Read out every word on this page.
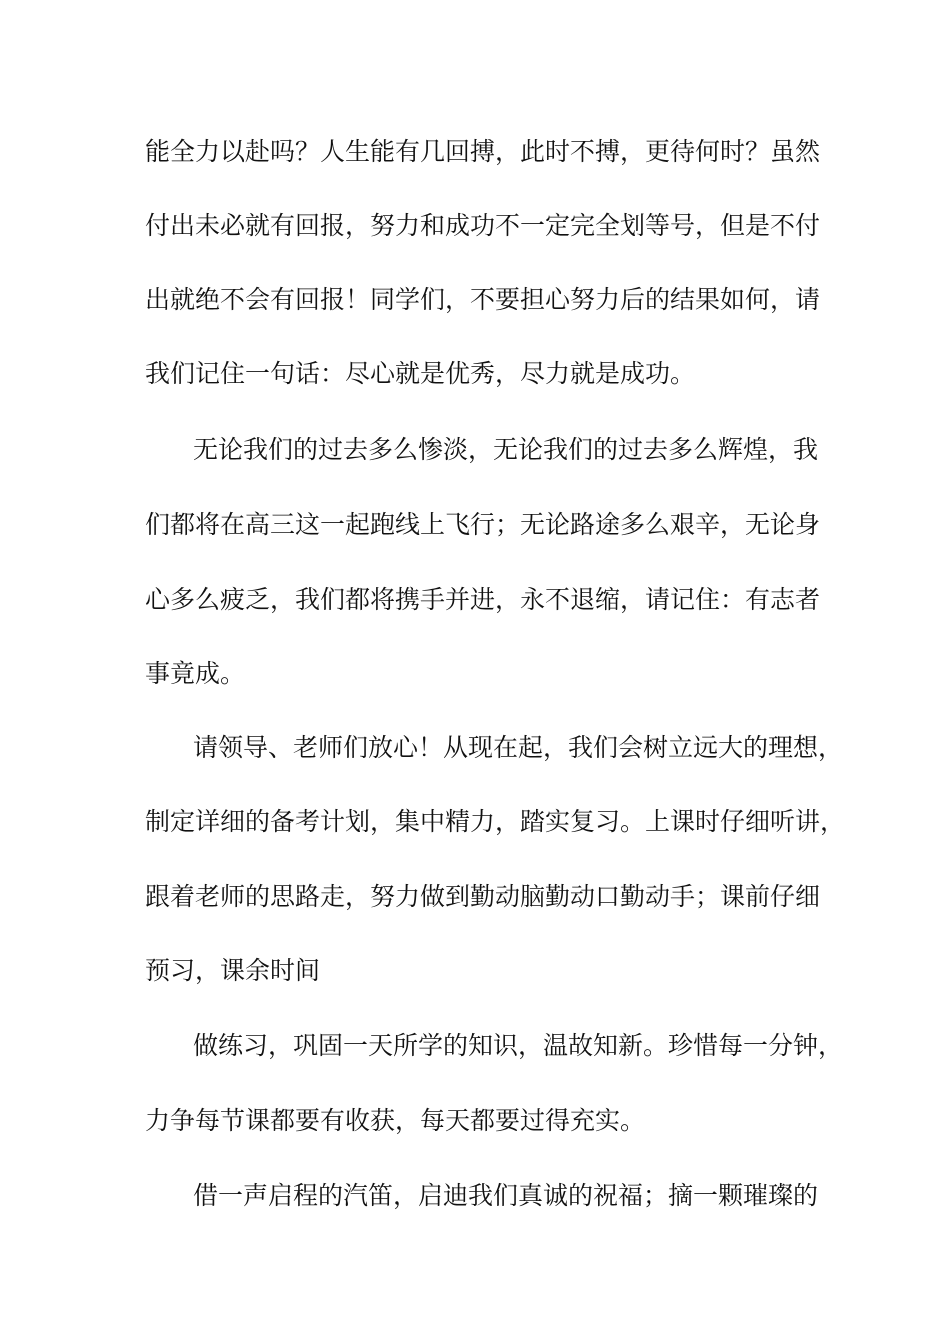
能全力以赴吗？人生能有几回搏，此时不搏，更待何时？虽然
付出未必就有回报，努力和成功不一定完全划等号，但是不付
出就绝不会有回报！同学们，不要担心努力后的结果如何，请
我们记住一句话：尽心就是优秀，尽力就是成功。
无论我们的过去多么惨淡，无论我们的过去多么辉煌，我
们都将在高三这一起跑线上飞行；无论路途多么艰辛，无论身
心多么疲乏，我们都将携手并进，永不退缩，请记住：有志者
事竟成。
请领导、老师们放心！从现在起，我们会树立远大的理想，
制定详细的备考计划，集中精力，踏实复习。上课时仔细听讲，
跟着老师的思路走，努力做到勤动脑勤动口勤动手；课前仔细
预习，课余时间
做练习，巩固一天所学的知识，温故知新。珍惜每一分钟，
力争每节课都要有收获，每天都要过得充实。
借一声启程的汽笛，启迪我们真诚的祝福；摘一颗璀璨的
